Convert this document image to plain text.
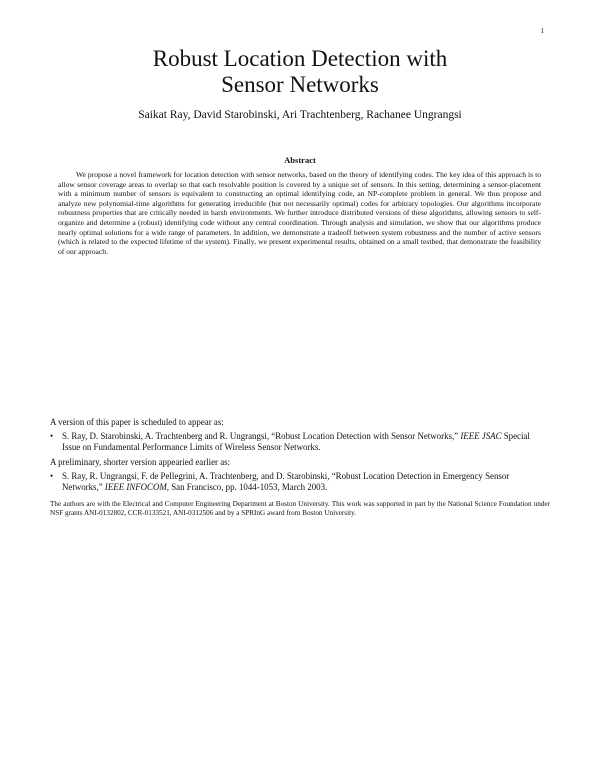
1
Robust Location Detection with
Sensor Networks
Saikat Ray, David Starobinski, Ari Trachtenberg, Rachanee Ungrangsi
Abstract

We propose a novel framework for location detection with sensor networks, based on the theory of identifying codes. The key idea of this approach is to allow sensor coverage areas to overlap so that each resolvable position is covered by a unique set of sensors. In this setting, determining a sensor-placement with a minimum number of sensors is equivalent to constructing an optimal identifying code, an NP-complete problem in general. We thus propose and analyze new polynomial-time algorithms for generating irreducible (but not necessarily optimal) codes for arbitrary topologies. Our algorithms incorporate robustness properties that are critically needed in harsh environments. We further introduce distributed versions of these algorithms, allowing sensors to self-organize and determine a (robust) identifying code without any central coordination. Through analysis and simulation, we show that our algorithms produce nearly optimal solutions for a wide range of parameters. In addition, we demonstrate a tradeoff between system robustness and the number of active sensors (which is related to the expected lifetime of the system). Finally, we present experimental results, obtained on a small testbed, that demonstrate the feasibility of our approach.

A version of this paper is scheduled to appear as:

• S. Ray, D. Starobinski, A. Trachtenberg and R. Ungrangsi, “Robust Location Detection with Sensor Networks,” IEEE JSAC Special Issue on Fundamental Performance Limits of Wireless Sensor Networks.

A preliminary, shorter version appearied earlier as:

• S. Ray, R. Ungrangsi, F. de Pellegrini, A. Trachtenberg, and D. Starobinski, “Robust Location Detection in Emergency Sensor Networks,” IEEE INFOCOM, San Francisco, pp. 1044-1053, March 2003.

The authors are with the Electrical and Computer Engineering Department at Boston University. This work was supported in part by the National Science Foundation under NSF grants ANI-0132802, CCR-0133521, ANI-0312506 and by a SPRInG award from Boston University.
